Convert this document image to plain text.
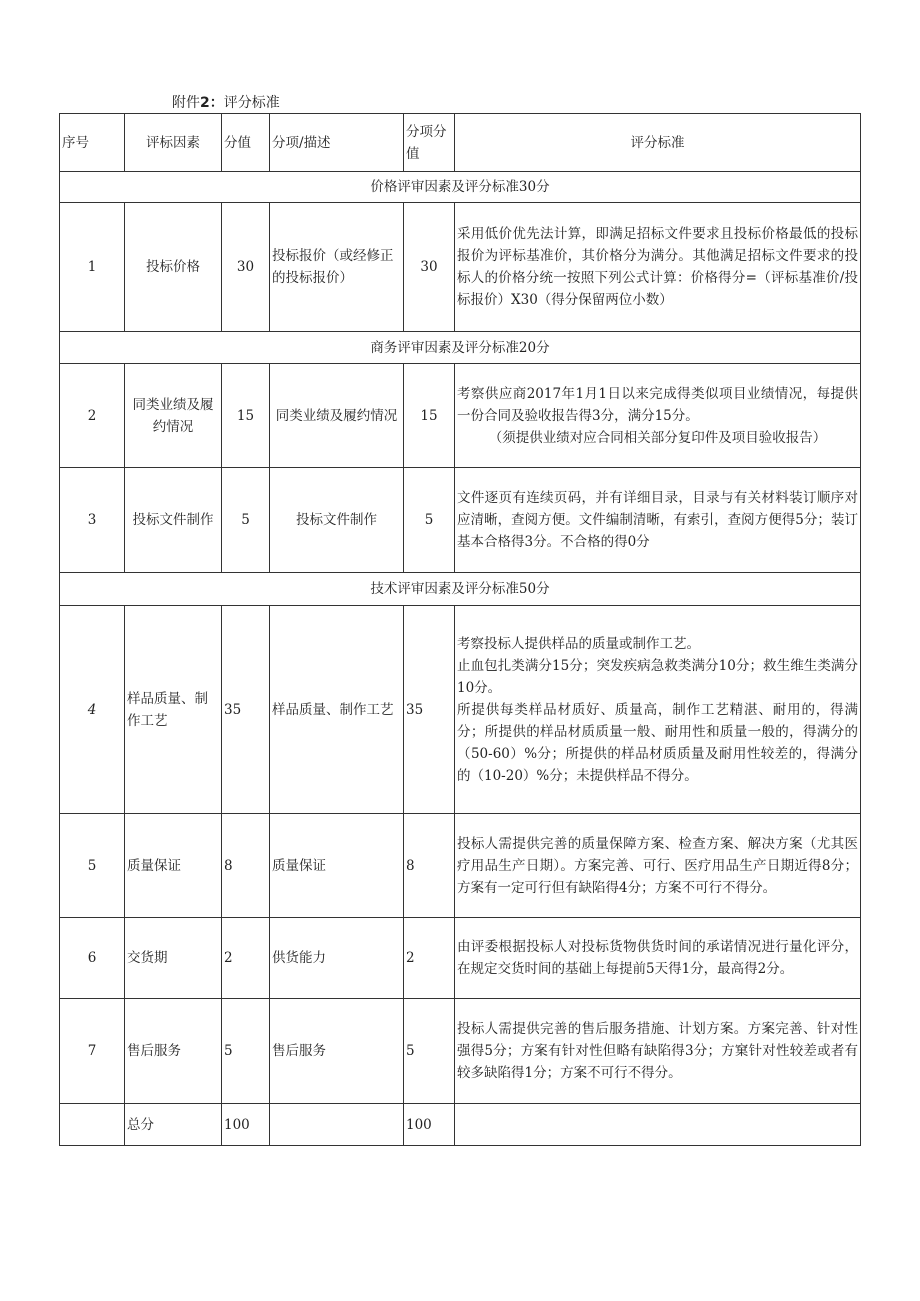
附件2：评分标准
序号	评标因素	分值	分项/描述	分项分值	评分标准
价格评审因素及评分标准30分					
1	投标价格	30	投标报价（或经修正的投标报价）	30	采用低价优先法计算，即满足招标文件要求且投标价格最低的投标报价为评标基准价，其价格分为满分。其他满足招标文件要求的投标人的价格分统一按照下列公式计算：价格得分=（评标基准价/投标报价）X30（得分保留两位小数）
商务评审因素及评分标准20分					
2	同类业绩及履约情况	15	同类业绩及履约情况	15	考察供应商2017年1月1日以来完成得类似项目业绩情况，每提供一份合同及验收报告得3分，满分15分。
（须提供业绩对应合同相关部分复印件及项目验收报告）

3	投标文件制作	5	投标文件制作	5	文件逐页有连续页码，并有详细目录，目录与有关材料装订顺序对应清晰，查阅方便。文件编制清晰，有索引，查阅方便得5分；装订基本合格得3分。不合格的得0分
技术评审因素及评分标准50分					
4	样品质量、制作工艺	35	样品质量、制作工艺	35	考察投标人提供样品的质量或制作工艺。
止血包扎类满分15分；突发疾病急救类满分10分；救生维生类满分10分。
所提供每类样品材质好、质量高，制作工艺精湛、耐用的，得满分；所提供的样品材质质量一般、耐用性和质量一般的，得满分的（50-60）%分；所提供的样品材质质量及耐用性较差的，得满分的（10-20）%分；未提供样品不得分。

5	质量保证	8	质量保证	8	投标人需提供完善的质量保障方案、检查方案、解决方案（尤其医疗用品生产日期）。方案完善、可行、医疗用品生产日期近得8分；方案有一定可行但有缺陷得4分；方案不可行不得分。
6	交货期	2	供货能力	2	由评委根据投标人对投标货物供货时间的承诺情况进行量化评分，在规定交货时间的基础上每提前5天得1分，最高得2分。
7	售后服务	5	售后服务	5	投标人需提供完善的售后服务措施、计划方案。方案完善、针对性强得5分；方案有针对性但略有缺陷得3分；方窠针对性较差或者有较多缺陷得1分；方案不可行不得分。
	总分	100		100	
